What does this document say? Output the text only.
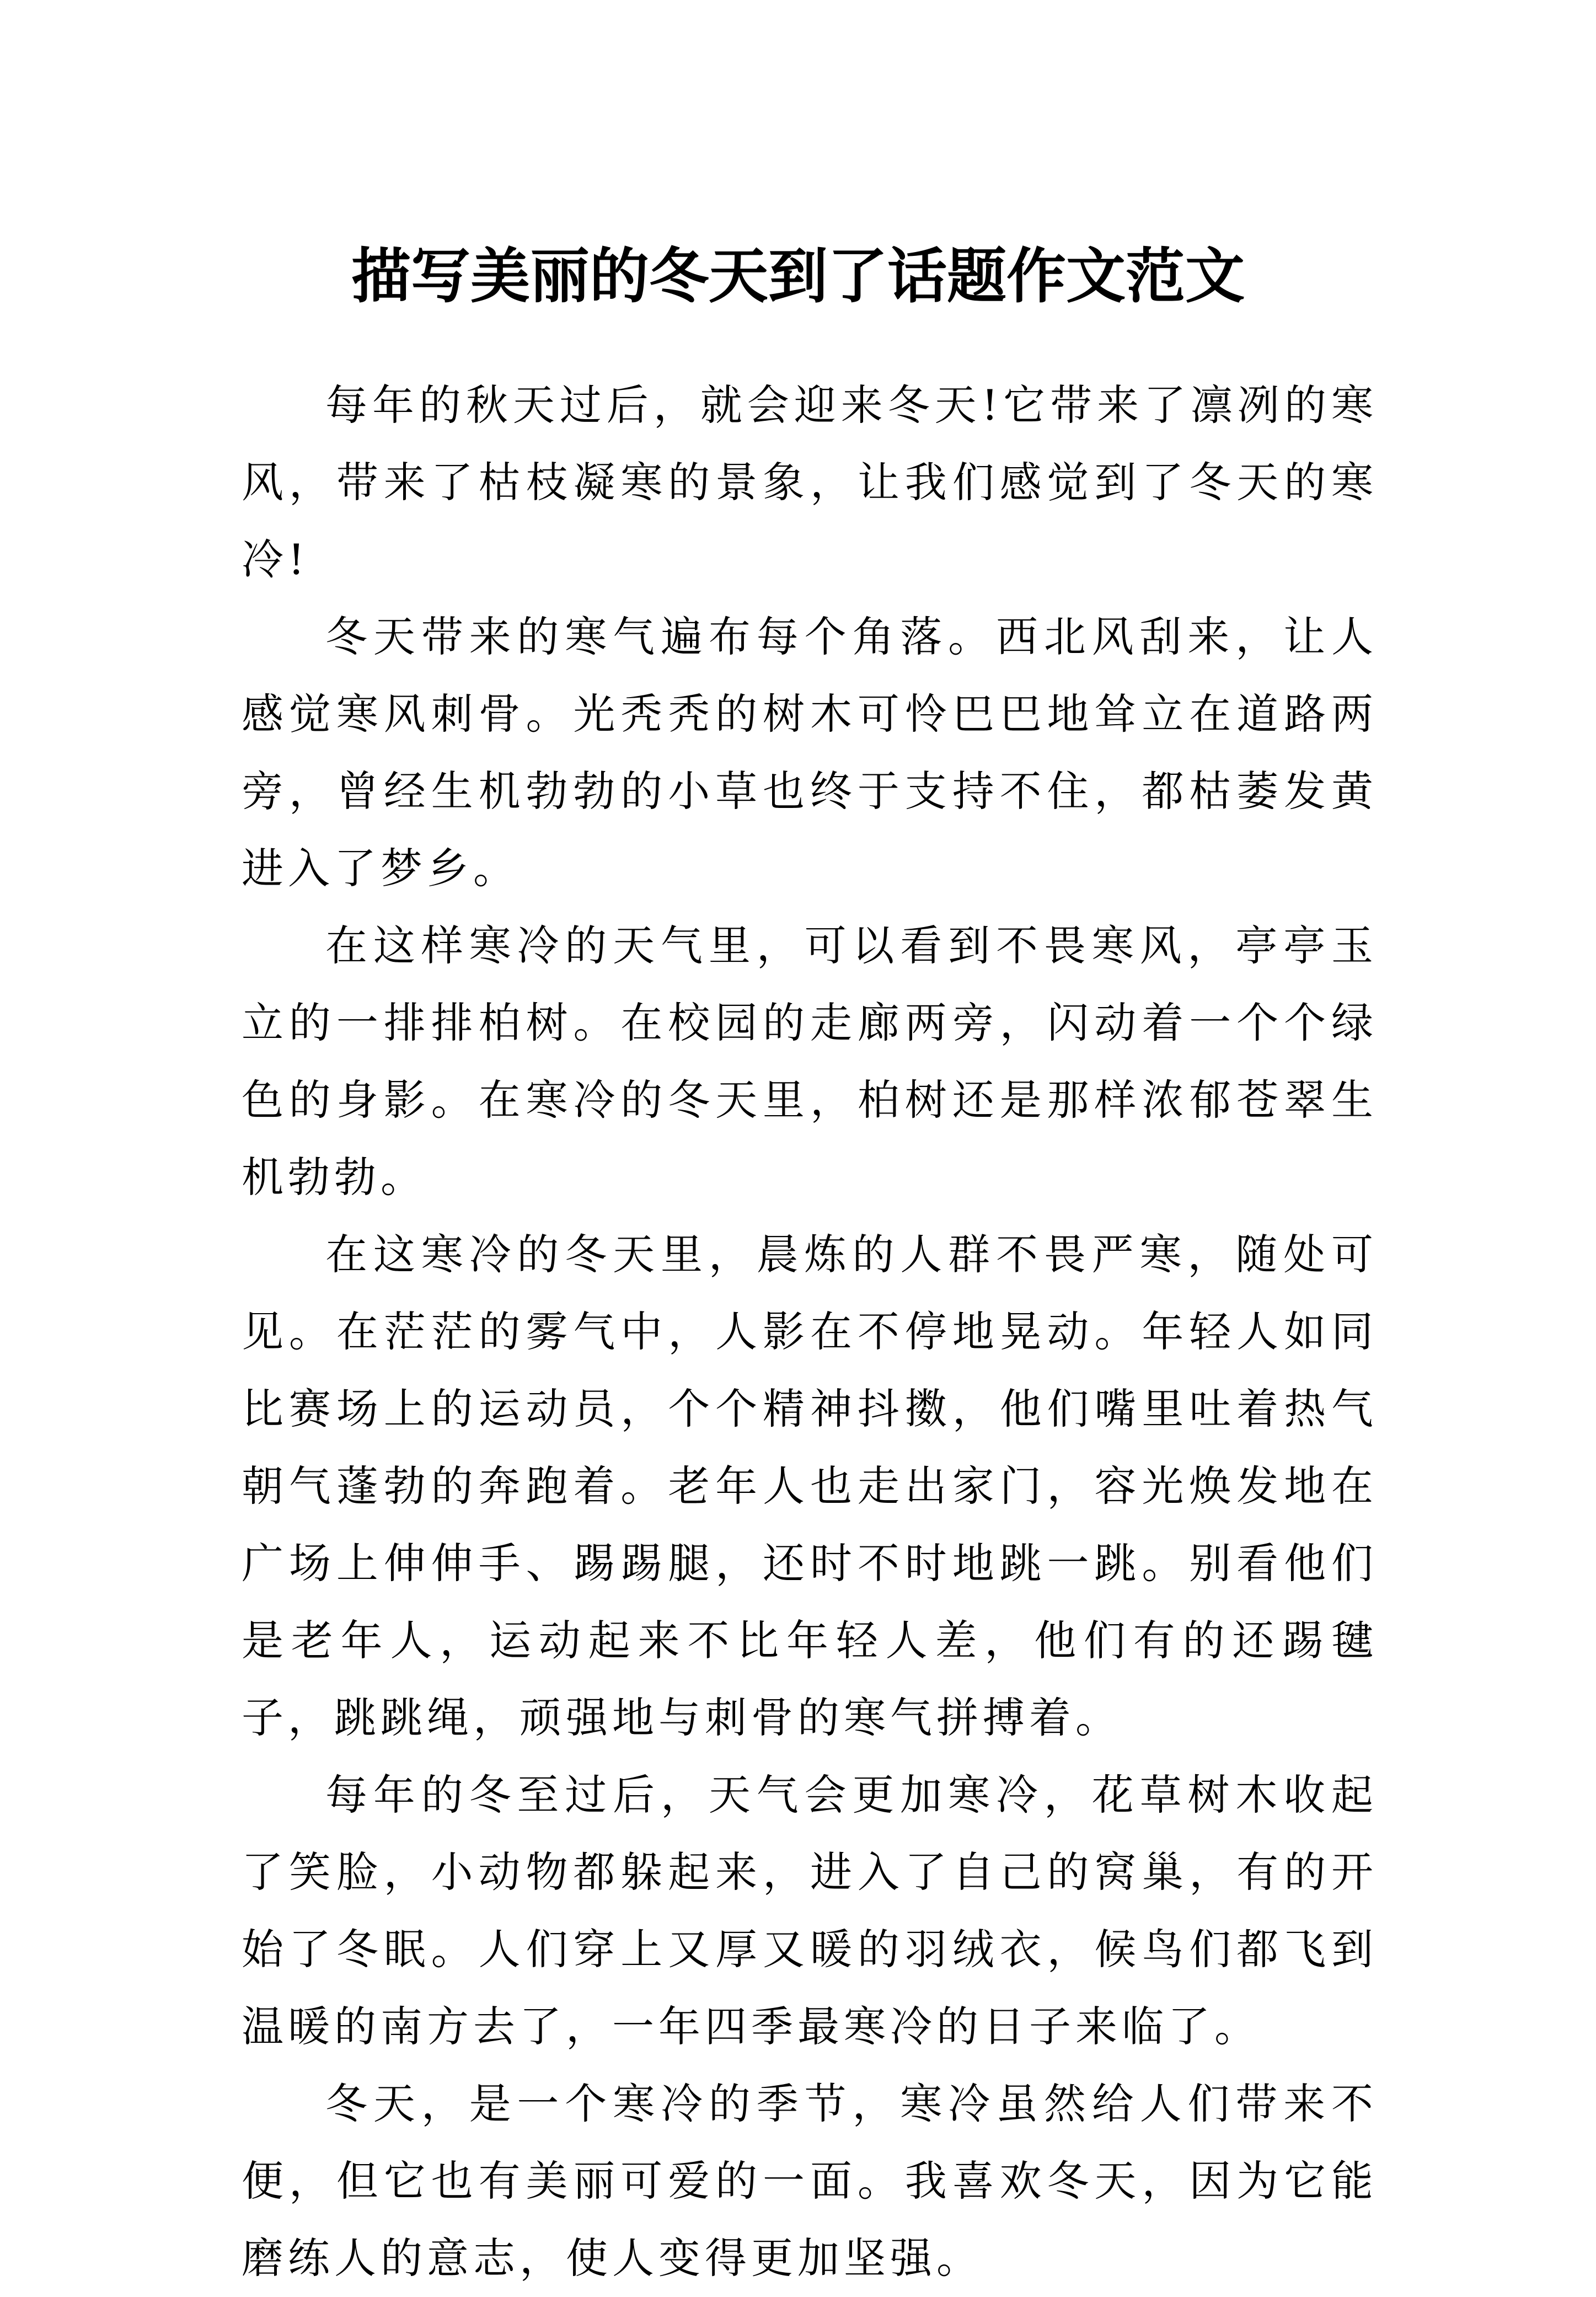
描写美丽的冬天到了话题作文范文

每年的秋天过后，就会迎来冬天!它带来了凛冽的寒风，带来了枯枝凝寒的景象，让我们感觉到了冬天的寒冷!

冬天带来的寒气遍布每个角落。西北风刮来，让人感觉寒风刺骨。光秃秃的树木可怜巴巴地耸立在道路两旁，曾经生机勃勃的小草也终于支持不住，都枯萎发黄进入了梦乡。

在这样寒冷的天气里，可以看到不畏寒风，亭亭玉立的一排排柏树。在校园的走廊两旁，闪动着一个个绿色的身影。在寒冷的冬天里，柏树还是那样浓郁苍翠生机勃勃。

在这寒冷的冬天里，晨炼的人群不畏严寒，随处可见。在茫茫的雾气中，人影在不停地晃动。年轻人如同比赛场上的运动员，个个精神抖擞，他们嘴里吐着热气朝气蓬勃的奔跑着。老年人也走出家门，容光焕发地在广场上伸伸手、踢踢腿，还时不时地跳一跳。别看他们是老年人，运动起来不比年轻人差，他们有的还踢毽子，跳跳绳，顽强地与刺骨的寒气拼搏着。

每年的冬至过后，天气会更加寒冷，花草树木收起了笑脸，小动物都躲起来，进入了自己的窝巢，有的开始了冬眠。人们穿上又厚又暖的羽绒衣，候鸟们都飞到温暖的南方去了，一年四季最寒冷的日子来临了。

冬天，是一个寒冷的季节，寒冷虽然给人们带来不便，但它也有美丽可爱的一面。我喜欢冬天，因为它能磨练人的意志，使人变得更加坚强。
